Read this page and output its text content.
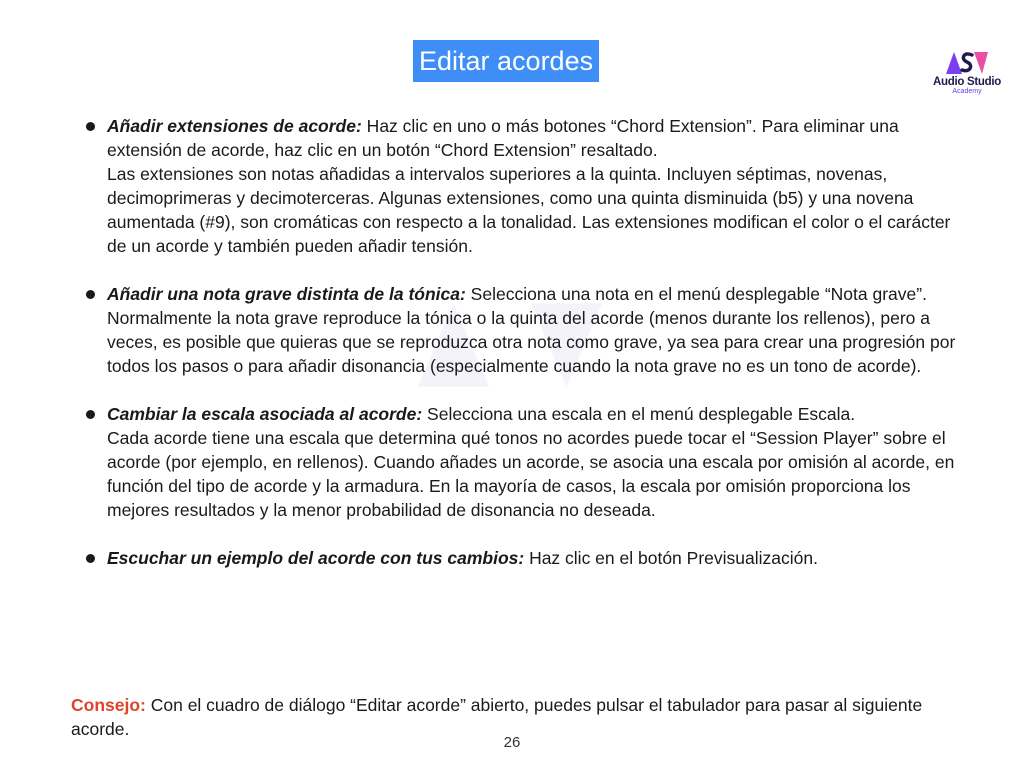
Editar acordes
Audio Studio
Academy
Añadir extensiones de acorde: Haz clic en uno o más botones “Chord Extension”. Para eliminar una extensión de acorde, haz clic en un botón “Chord Extension” resaltado.
Las extensiones son notas añadidas a intervalos superiores a la quinta. Incluyen séptimas, novenas, decimoprimeras y decimoterceras. Algunas extensiones, como una quinta disminuida (b5) y una novena aumentada (#9), son cromáticas con respecto a la tonalidad. Las extensiones modifican el color o el carácter de un acorde y también pueden añadir tensión.
Añadir una nota grave distinta de la tónica: Selecciona una nota en el menú desplegable “Nota grave”.
Normalmente la nota grave reproduce la tónica o la quinta del acorde (menos durante los rellenos), pero a veces, es posible que quieras que se reproduzca otra nota como grave, ya sea para crear una progresión por todos los pasos o para añadir disonancia (especialmente cuando la nota grave no es un tono de acorde).
Cambiar la escala asociada al acorde: Selecciona una escala en el menú desplegable Escala.
Cada acorde tiene una escala que determina qué tonos no acordes puede tocar el “Session Player” sobre el acorde (por ejemplo, en rellenos). Cuando añades un acorde, se asocia una escala por omisión al acorde, en función del tipo de acorde y la armadura. En la mayoría de casos, la escala por omisión proporciona los mejores resultados y la menor probabilidad de disonancia no deseada.
Escuchar un ejemplo del acorde con tus cambios: Haz clic en el botón Previsualización.
Consejo: Con el cuadro de diálogo “Editar acorde” abierto, puedes pulsar el tabulador para pasar al siguiente acorde.
26
